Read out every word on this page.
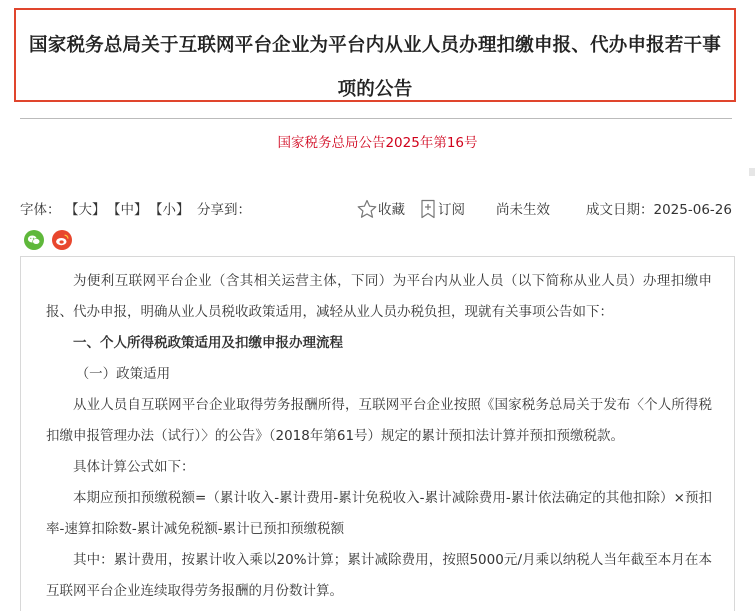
国家税务总局关于互联网平台企业为平台内从业人员办理扣缴申报、代办申报若干事项的公告
国家税务总局公告2025年第16号
字体： 【大】 【中】 【小】 分享到：	收藏	订阅 尚未生效	成文日期：2025-06-26

为便利互联网平台企业（含其相关运营主体，下同）为平台内从业人员（以下简称从业人员）办理扣缴申报、代办申报，明确从业人员税收政策适用，减轻从业人员办税负担，现就有关事项公告如下：

一、个人所得税政策适用及扣缴申报办理流程

（一）政策适用

从业人员自互联网平台企业取得劳务报酬所得，互联网平台企业按照《国家税务总局关于发布〈个人所得税扣缴申报管理办法（试行）〉的公告》（2018年第61号）规定的累计预扣法计算并预扣预缴税款。

具体计算公式如下：

本期应预扣预缴税额=（累计收入-累计费用-累计免税收入-累计减除费用-累计依法确定的其他扣除）×预扣率-速算扣除数-累计减免税额-累计已预扣预缴税额

其中：累计费用，按累计收入乘以20%计算；累计减除费用，按照5000元/月乘以纳税人当年截至本月在本互联网平台企业连续取得劳务报酬的月份数计算。
